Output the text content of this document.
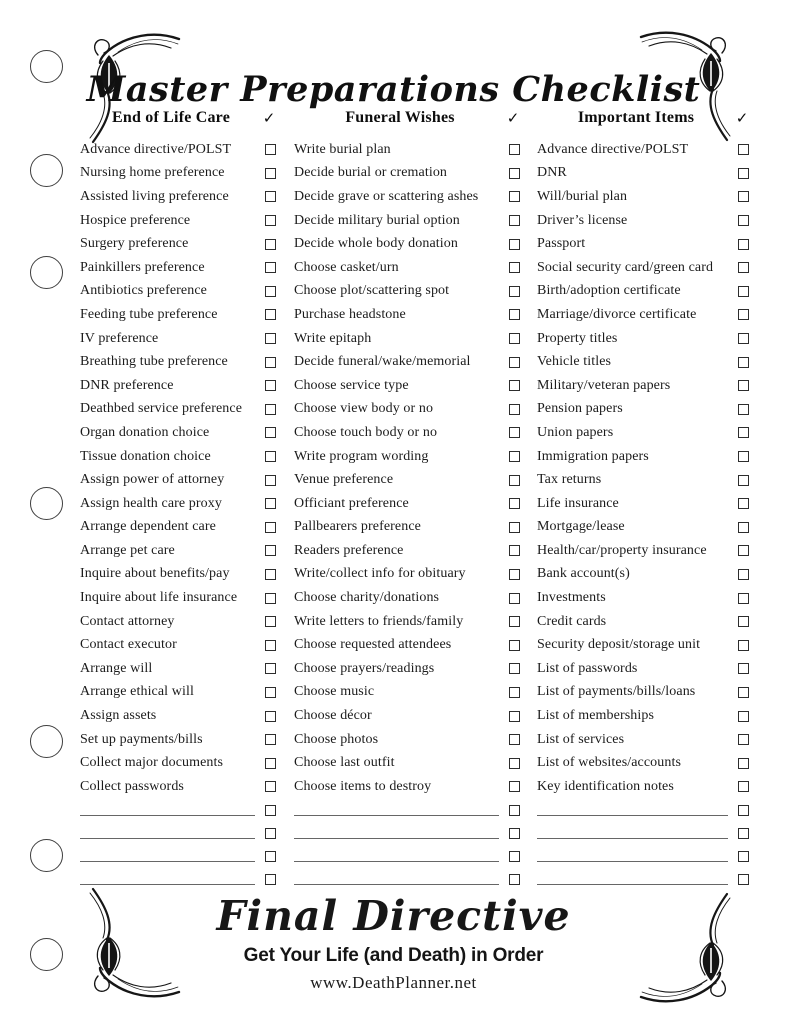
Master Preparations Checklist
End of Life Care	✓
Advance directive/POLST
Nursing home preference
Assisted living preference
Hospice preference
Surgery preference
Painkillers preference
Antibiotics preference
Feeding tube preference
IV preference
Breathing tube preference
DNR preference
Deathbed service preference
Organ donation choice
Tissue donation choice
Assign power of attorney
Assign health care proxy
Arrange dependent care
Arrange pet care
Inquire about benefits/pay
Inquire about life insurance
Contact attorney
Contact executor
Arrange will
Arrange ethical will
Assign assets
Set up payments/bills
Collect major documents
Collect passwords
Funeral Wishes	✓
Write burial plan
Decide burial or cremation
Decide grave or scattering ashes
Decide military burial option
Decide whole body donation
Choose casket/urn
Choose plot/scattering spot
Purchase headstone
Write epitaph
Decide funeral/wake/memorial
Choose service type
Choose view body or no
Choose touch body or no
Write program wording
Venue preference
Officiant preference
Pallbearers preference
Readers preference
Write/collect info for obituary
Choose charity/donations
Write letters to friends/family
Choose requested attendees
Choose prayers/readings
Choose music
Choose décor
Choose photos
Choose last outfit
Choose items to destroy
Important Items	✓
Advance directive/POLST
DNR
Will/burial plan
Driver’s license
Passport
Social security card/green card
Birth/adoption certificate
Marriage/divorce certificate
Property titles
Vehicle titles
Military/veteran papers
Pension papers
Union papers
Immigration papers
Tax returns
Life insurance
Mortgage/lease
Health/car/property insurance
Bank account(s)
Investments
Credit cards
Security deposit/storage unit
List of passwords
List of payments/bills/loans
List of memberships
List of services
List of websites/accounts
Key identification notes
Final Directive
Get Your Life (and Death) in Order
www.DeathPlanner.net
